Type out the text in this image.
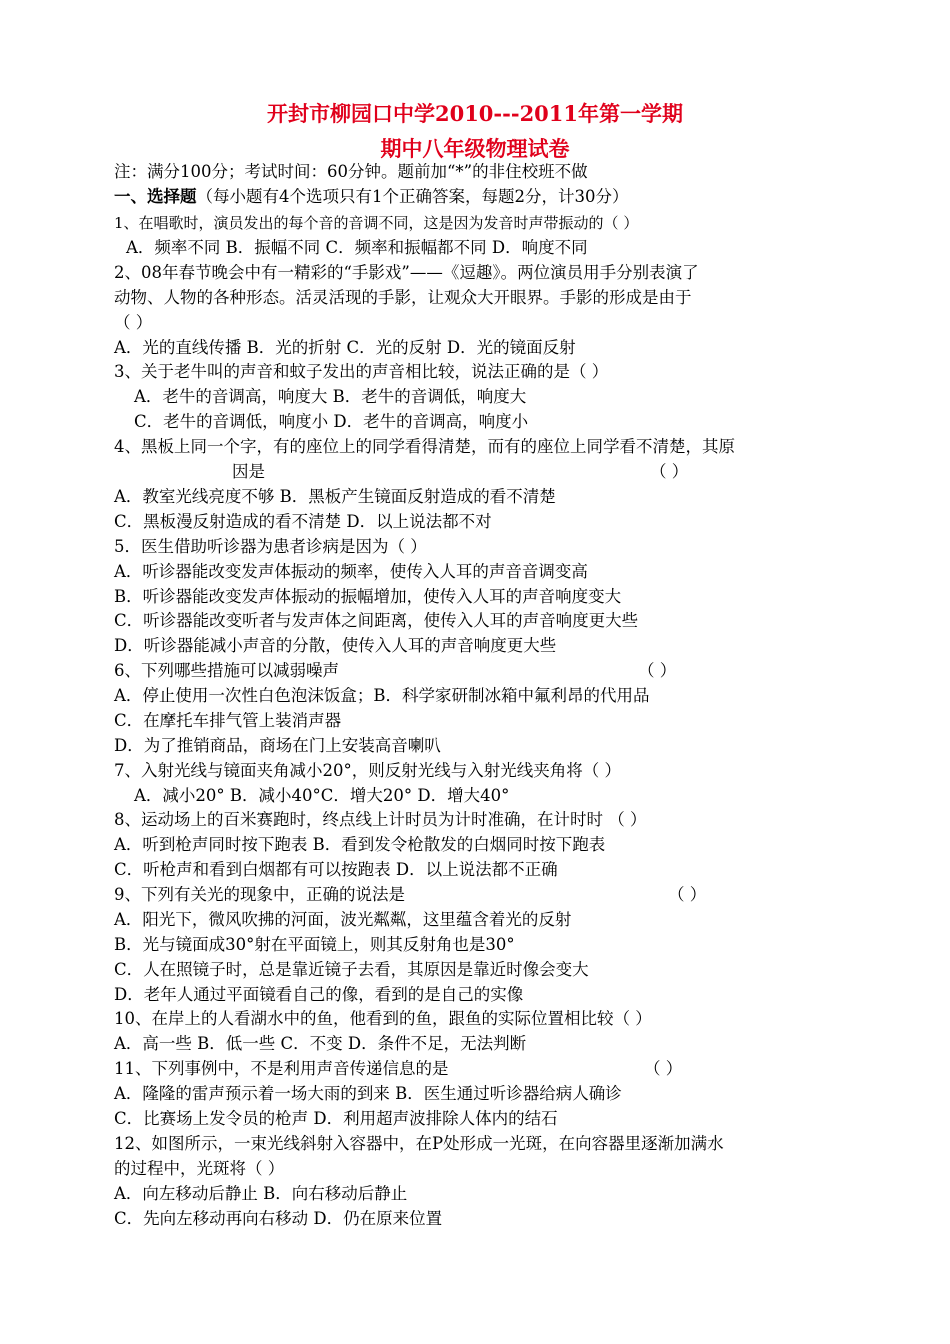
开封市柳园口中学2010---2011年第一学期
期中八年级物理试卷
注：满分100分；考试时间：60分钟。题前加“*”的非住校班不做
一、选择题（每小题有4个选项只有1个正确答案，每题2分，计30分）
1、在唱歌时，演员发出的每个音的音调不同，这是因为发音时声带振动的（ ）
A．频率不同 B．振幅不同 C．频率和振幅都不同 D．响度不同
2、08年春节晚会中有一精彩的“手影戏”——《逗趣》。两位演员用手分别表演了
动物、人物的各种形态。活灵活现的手影，让观众大开眼界。手影的形成是由于
（ ）
A．光的直线传播 B．光的折射 C．光的反射 D．光的镜面反射
3、关于老牛叫的声音和蚊子发出的声音相比较，说法正确的是（ ）
A．老牛的音调高，响度大 B．老牛的音调低，响度大
C．老牛的音调低，响度小 D．老牛的音调高，响度小
4、黑板上同一个字，有的座位上的同学看得清楚，而有的座位上同学看不清楚，其原
因是	（ ）
A．教室光线亮度不够 B．黑板产生镜面反射造成的看不清楚
C．黑板漫反射造成的看不清楚 D．以上说法都不对
5．医生借助听诊器为患者诊病是因为（ ）
A．听诊器能改变发声体振动的频率，使传入人耳的声音音调变高
B．听诊器能改变发声体振动的振幅增加，使传入人耳的声音响度变大
C．听诊器能改变听者与发声体之间距离，使传入人耳的声音响度更大些
D．听诊器能减小声音的分散，使传入人耳的声音响度更大些
6、下列哪些措施可以减弱噪声	（ ）
A．停止使用一次性白色泡沫饭盒；B．科学家研制冰箱中氟利昂的代用品
C．在摩托车排气管上装消声器
D．为了推销商品，商场在门上安装高音喇叭
7、入射光线与镜面夹角减小20°，则反射光线与入射光线夹角将（ ）
A．减小20° B．减小40°C．增大20° D．增大40°
8、运动场上的百米赛跑时，终点线上计时员为计时准确，在计时时 （ ）
A．听到枪声同时按下跑表 B．看到发令枪散发的白烟同时按下跑表
C．听枪声和看到白烟都有可以按跑表 D．以上说法都不正确
9、下列有关光的现象中，正确的说法是	（ ）
A．阳光下，微风吹拂的河面，波光粼粼，这里蕴含着光的反射
B．光与镜面成30°射在平面镜上，则其反射角也是30°
C．人在照镜子时，总是靠近镜子去看，其原因是靠近时像会变大
D．老年人通过平面镜看自己的像，看到的是自己的实像
10、在岸上的人看湖水中的鱼，他看到的鱼，跟鱼的实际位置相比较（ ）
A．高一些 B．低一些 C．不变 D．条件不足，无法判断
11、下列事例中，不是利用声音传递信息的是	（ ）
A．隆隆的雷声预示着一场大雨的到来 B．医生通过听诊器给病人确诊
C．比赛场上发令员的枪声 D．利用超声波排除人体内的结石
12、如图所示，一束光线斜射入容器中，在P处形成一光斑，在向容器里逐渐加满水
的过程中，光斑将（ ）
A．向左移动后静止 B．向右移动后静止
C．先向左移动再向右移动 D．仍在原来位置
